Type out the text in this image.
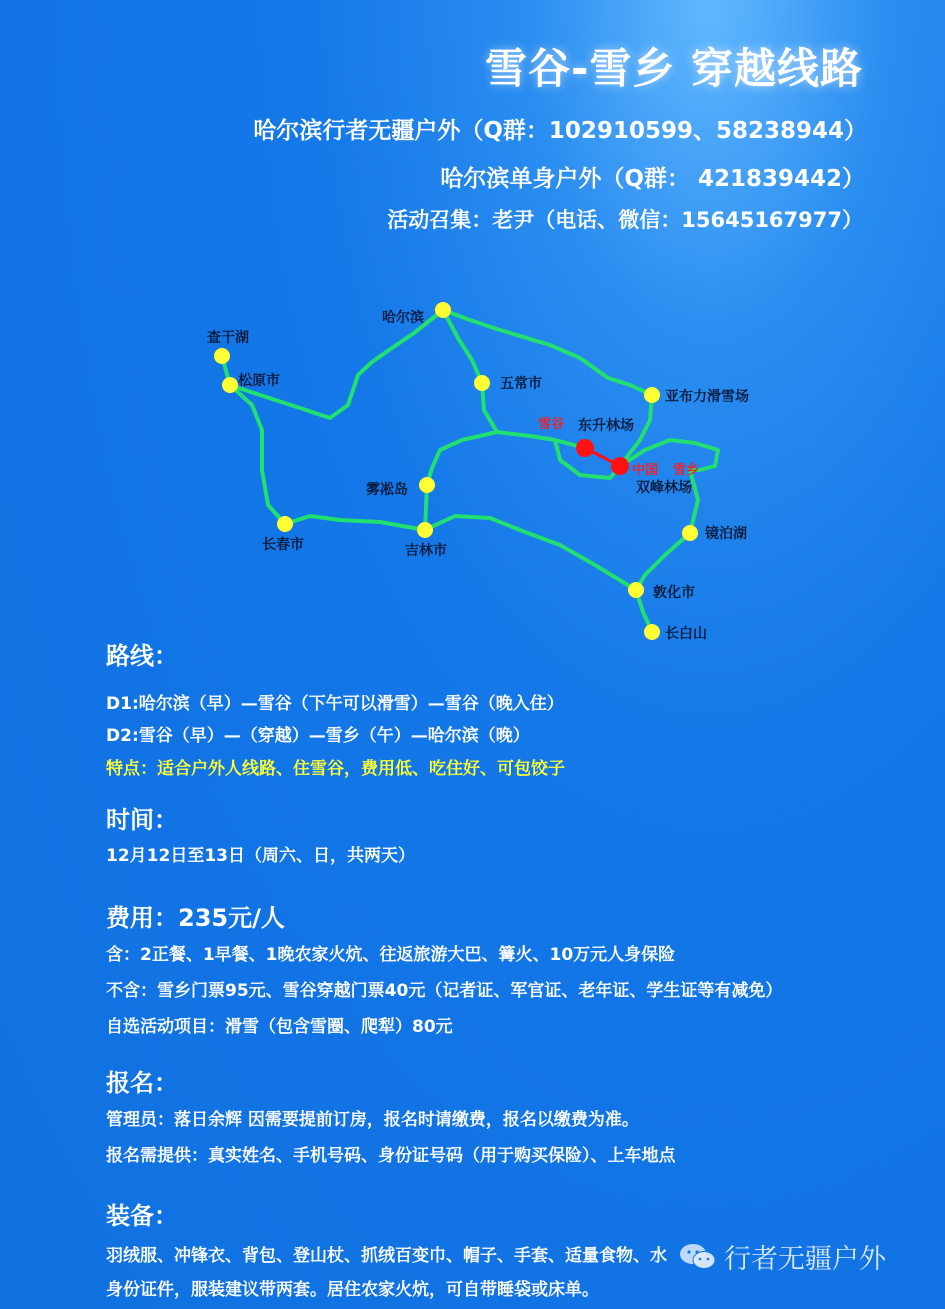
雪谷-雪乡 穿越线路
哈尔滨行者无疆户外（Q群：102910599、58238944）
哈尔滨单身户外（Q群： 421839442）
活动召集：老尹（电话、微信：15645167977）
哈尔滨
查干湖
松原市	五常市
亚布力滑雪场
东升林场
双峰林场
雾凇岛
长春市	吉林市
镜泊湖
敦化市
长白山
雪谷
中国 雪乡
路线：
D1:哈尔滨（早）—雪谷（下午可以滑雪）—雪谷（晚入住）
D2:雪谷（早）—（穿越）—雪乡（午）—哈尔滨（晚）
特点：适合户外人线路、住雪谷，费用低、吃住好、可包饺子
时间：
12月12日至13日（周六、日，共两天）
费用：235元/人
含：2正餐、1早餐、1晚农家火炕、往返旅游大巴、篝火、10万元人身保险
不含：雪乡门票95元、雪谷穿越门票40元（记者证、军官证、老年证、学生证等有减免）
自选活动项目：滑雪（包含雪圈、爬犁）80元
报名：
管理员：落日余辉 因需要提前订房，报名时请缴费，报名以缴费为准。
报名需提供：真实姓名、手机号码、身份证号码（用于购买保险）、上车地点
装备：
羽绒服、冲锋衣、背包、登山杖、抓绒百变巾、帽子、手套、适量食物、水
身份证件，服装建议带两套。居住农家火炕，可自带睡袋或床单。
行者无疆户外
